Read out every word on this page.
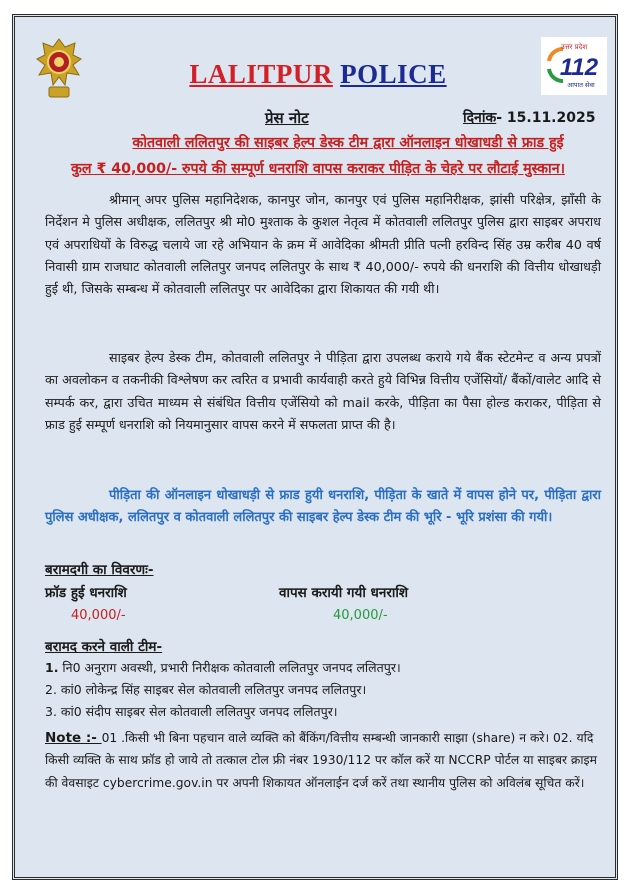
उत्तर प्रदेश
112
आपात सेवा
LALITPUR POLICE
प्रेस नोट	दिनांक- 15.11.2025
कोतवाली ललितपुर की साइबर हेल्प डेस्क टीम द्वारा ऑनलाइन धोखाधडी से फ्राड हुई
कुल ₹ 40,000/- रुपये की सम्पूर्ण धनराशि वापस कराकर पीड़ित के चेहरे पर लौटाई मुस्कान।
श्रीमान् अपर पुलिस महानिदेशक, कानपुर जोन, कानपुर एवं पुलिस महानिरीक्षक, झांसी परिक्षेत्र, झाँसी के निर्देशन मे पुलिस अधीक्षक, ललितपुर श्री मो0 मुश्ताक के कुशल नेतृत्व में कोतवाली ललितपुर पुलिस द्वारा साइबर अपराध एवं अपराधियों के विरुद्ध चलाये जा रहे अभियान के क्रम में आवेदिका श्रीमती प्रीति पत्नी हरविन्द सिंह उम्र करीब 40 वर्ष निवासी ग्राम राजघाट कोतवाली ललितपुर जनपद ललितपुर के साथ ₹ 40,000/- रुपये की धनराशि की वित्तीय धोखाधड़ी हुई थी, जिसके सम्बन्ध में कोतवाली ललितपुर पर आवेदिका द्वारा शिकायत की गयी थी।
साइबर हेल्प डेस्क टीम, कोतवाली ललितपुर ने पीड़िता द्वारा उपलब्ध कराये गये बैंक स्टेटमेन्ट व अन्य प्रपत्रों का अवलोकन व तकनीकी विश्लेषण कर त्वरित व प्रभावी कार्यवाही करते हुये विभिन्न वित्तीय एजेंसियों/ बैंकों/वालेट आदि से सम्पर्क कर, द्वारा उचित माध्यम से संबंधित वित्तीय एजेंसियो को mail करके, पीड़िता का पैसा होल्ड कराकर, पीड़िता से फ्राड हुई सम्पूर्ण धनराशि को नियमानुसार वापस करने में सफलता प्राप्त की है।
पीड़िता की ऑनलाइन धोखाधड़ी से फ्राड हुयी धनराशि, पीड़िता के खाते में वापस होने पर, पीड़िता द्वारा पुलिस अधीक्षक, ललितपुर व कोतवाली ललितपुर की साइबर हेल्प डेस्क टीम की भूरि - भूरि प्रशंसा की गयी।
बरामदगी का विवरणः-
फ्रॉड हुई धनराशि	वापस करायी गयी धनराशि
40,000/-	40,000/-
बरामद करने वाली टीम-
1. नि0 अनुराग अवस्थी, प्रभारी निरीक्षक कोतवाली ललितपुर जनपद ललितपुर।
2. कां0 लोकेन्द्र सिंह साइबर सेल कोतवाली ललितपुर जनपद ललितपुर।
3. कां0 संदीप साइबर सेल कोतवाली ललितपुर जनपद ललितपुर।
Note :- 01 .किसी भी बिना पहचान वाले व्यक्ति को बैंकिंग/वित्तीय सम्बन्धी जानकारी साझा (share) न करे। 02. यदि किसी व्यक्ति के साथ फ्रॉड हो जाये तो तत्काल टोल फ्री नंबर 1930/112 पर कॉल करें या NCCRP पोर्टल या साइबर क्राइम की वेवसाइट cybercrime.gov.in पर अपनी शिकायत ऑनलाईन दर्ज करें तथा स्थानीय पुलिस को अविलंब सूचित करें।
